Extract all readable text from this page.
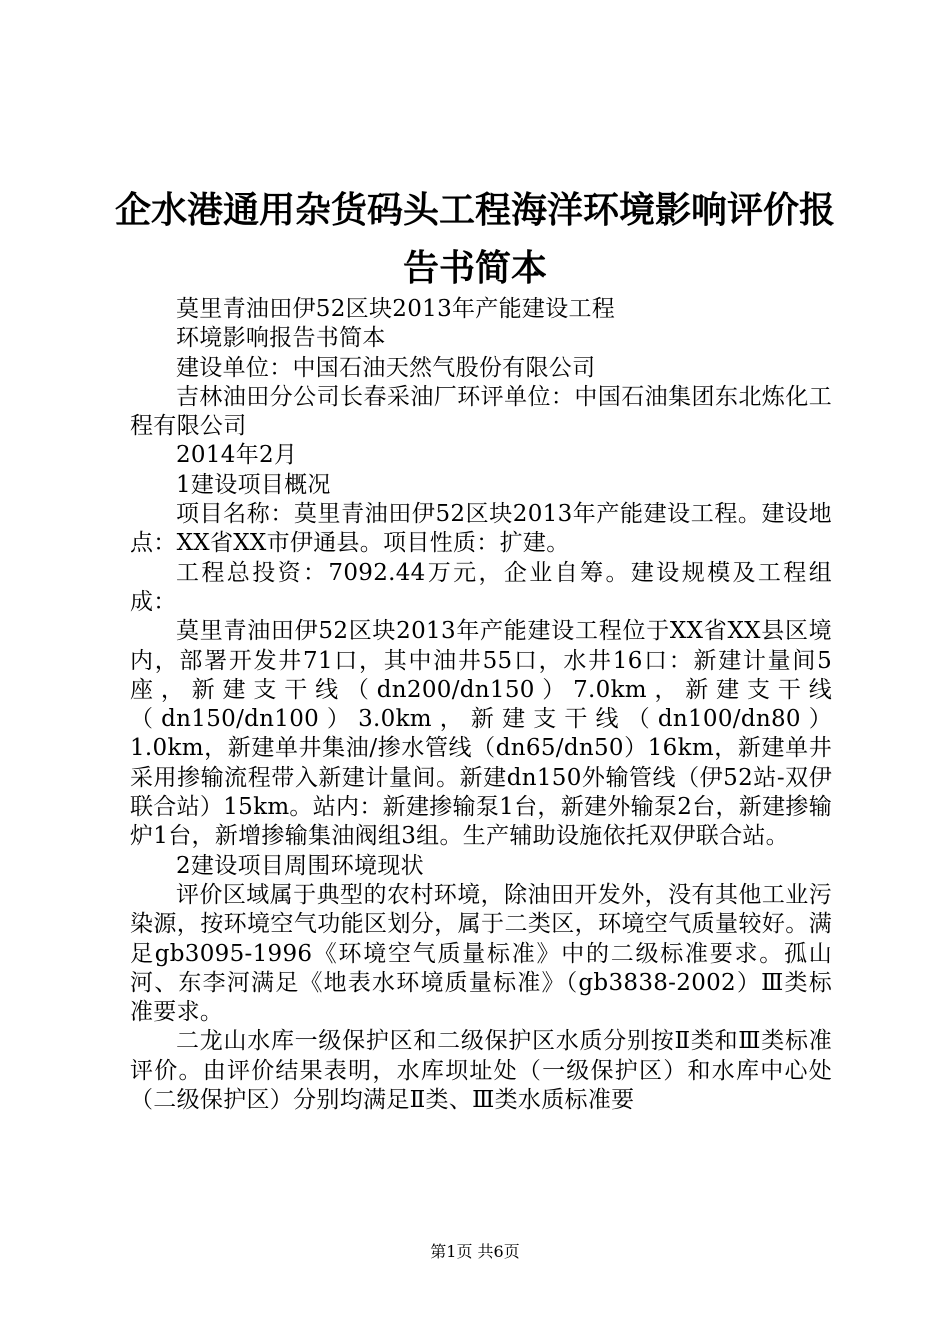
企水港通用杂货码头工程海洋环境影响评价报
告书简本

莫里青油田伊52区块2013年产能建设工程

环境影响报告书简本

建设单位：中国石油天然气股份有限公司

吉林油田分公司长春采油厂环评单位：中国石油集团东北炼化工程有限公司

2014年2月

1建设项目概况

项目名称：莫里青油田伊52区块2013年产能建设工程。建设地点：XX省XX市伊通县。项目性质：扩建。

工程总投资：7092.44万元，企业自筹。建设规模及工程组成：

莫里青油田伊52区块2013年产能建设工程位于XX省XX县区境内，部署开发井71口，其中油井55口，水井16口：新建计量间5座，新建支干线（dn200/dn150）7.0km，新建支干线（dn150/dn100）3.0km，新建支干线（dn100/dn80）1.0km，新建单井集油/掺水管线（dn65/dn50）16km，新建单井采用掺输流程带入新建计量间。新建dn150外输管线（伊52站-双伊联合站）15km。站内：新建掺输泵1台，新建外输泵2台，新建掺输炉1台，新增掺输集油阀组3组。生产辅助设施依托双伊联合站。

2建设项目周围环境现状

评价区域属于典型的农村环境，除油田开发外，没有其他工业污染源，按环境空气功能区划分，属于二类区，环境空气质量较好。满足gb3095-1996《环境空气质量标准》中的二级标准要求。孤山河、东李河满足《地表水环境质量标准》（gb3838-2002）Ⅲ类标准要求。

二龙山水库一级保护区和二级保护区水质分别按Ⅱ类和Ⅲ类标准评价。由评价结果表明，水库坝址处（一级保护区）和水库中心处（二级保护区）分别均满足Ⅱ类、Ⅲ类水质标准要

第1页 共6页
